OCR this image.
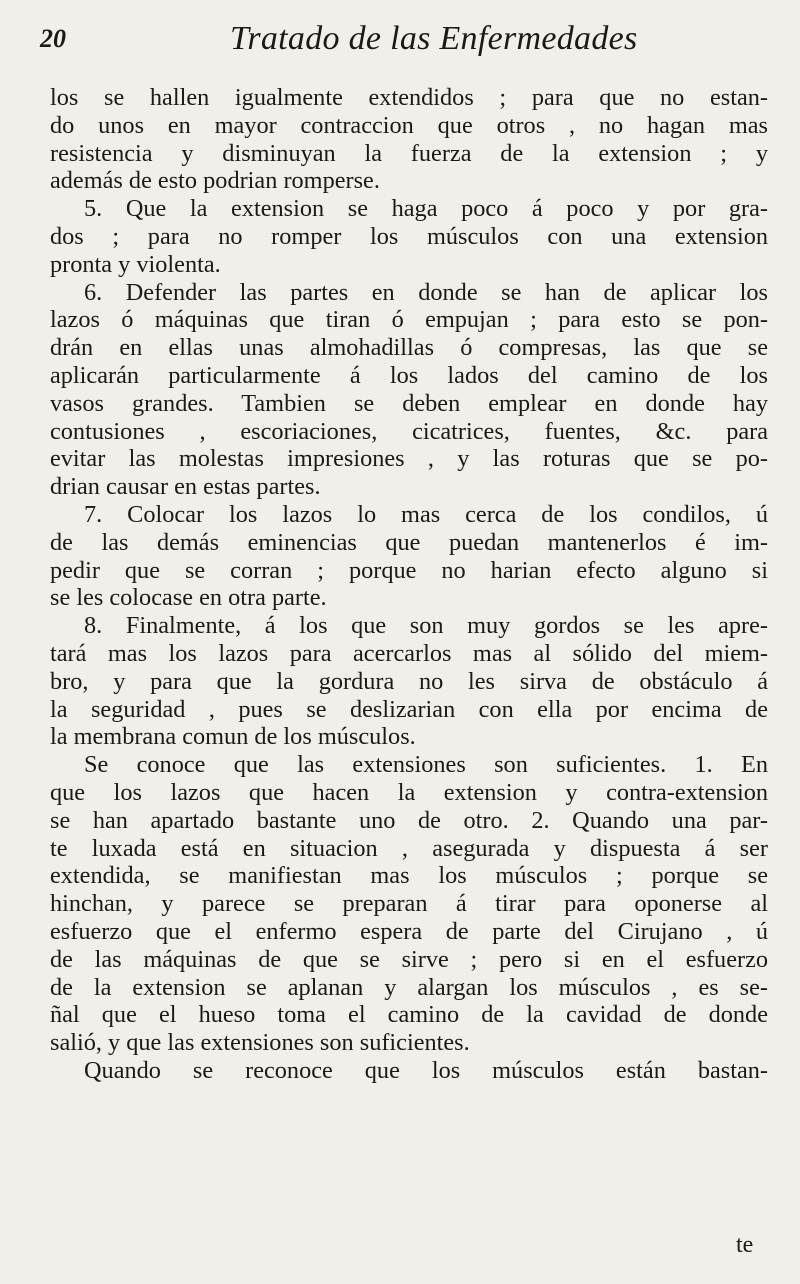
20	Tratado de las Enfermedades
los se hallen igualmente extendidos ; para que no estan-
do unos en mayor contraccion que otros , no hagan mas
resistencia y disminuyan la fuerza de la extension ; y
además de esto podrian romperse.
5. Que la extension se haga poco á poco y por gra-
dos ; para no romper los músculos con una extension
pronta y violenta.
6. Defender las partes en donde se han de aplicar los
lazos ó máquinas que tiran ó empujan ; para esto se pon-
drán en ellas unas almohadillas ó compresas, las que se
aplicarán particularmente á los lados del camino de los
vasos grandes. Tambien se deben emplear en donde hay
contusiones , escoriaciones, cicatrices, fuentes, &c. para
evitar las molestas impresiones , y las roturas que se po-
drian causar en estas partes.
7. Colocar los lazos lo mas cerca de los condilos, ú
de las demás eminencias que puedan mantenerlos é im-
pedir que se corran ; porque no harian efecto alguno si
se les colocase en otra parte.
8. Finalmente, á los que son muy gordos se les apre-
tará mas los lazos para acercarlos mas al sólido del miem-
bro, y para que la gordura no les sirva de obstáculo á
la seguridad , pues se deslizarian con ella por encima de
la membrana comun de los músculos.
Se conoce que las extensiones son suficientes. 1. En
que los lazos que hacen la extension y contra-extension
se han apartado bastante uno de otro. 2. Quando una par-
te luxada está en situacion , asegurada y dispuesta á ser
extendida, se manifiestan mas los músculos ; porque se
hinchan, y parece se preparan á tirar para oponerse al
esfuerzo que el enfermo espera de parte del Cirujano , ú
de las máquinas de que se sirve ; pero si en el esfuerzo
de la extension se aplanan y alargan los músculos , es se-
ñal que el hueso toma el camino de la cavidad de donde
salió, y que las extensiones son suficientes.
Quando se reconoce que los músculos están bastan-
te
